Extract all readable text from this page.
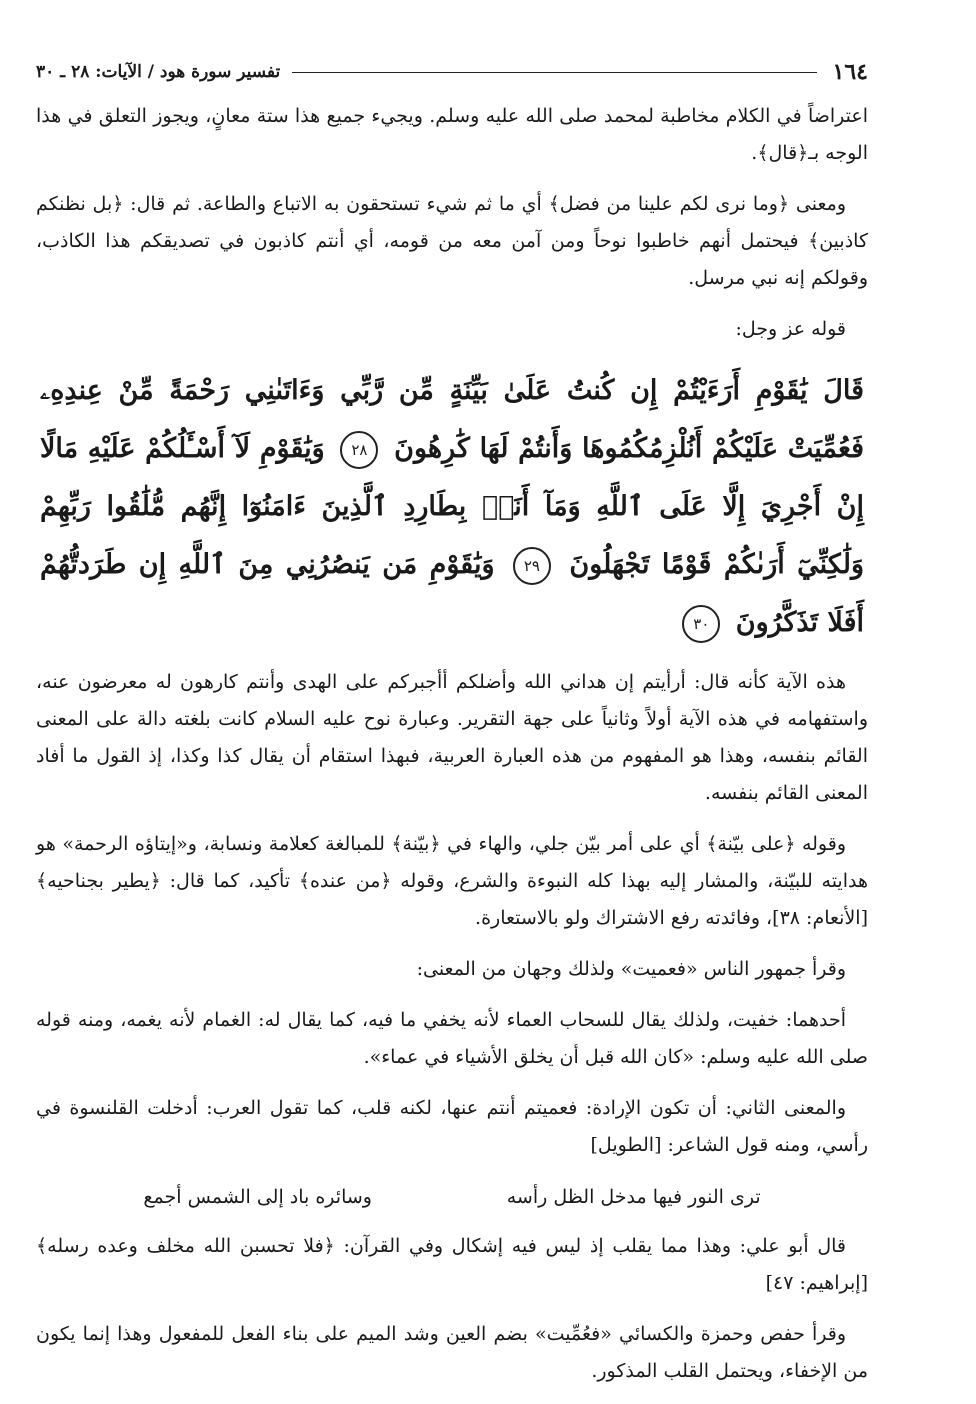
١٦٤
تفسير سورة هود / الآيات: ٢٨ ـ ٣٠

اعتراضاً في الكلام مخاطبة لمحمد صلى الله عليه وسلم. ويجيء جميع هذا ستة معانٍ، ويجوز التعلق في هذا الوجه بـ﴿قال﴾.

ومعنى ﴿وما نرى لكم علينا من فضل﴾ أي ما ثم شيء تستحقون به الاتباع والطاعة. ثم قال: ﴿بل نظنكم كاذبين﴾ فيحتمل أنهم خاطبوا نوحاً ومن آمن معه من قومه، أي أنتم كاذبون في تصديقكم هذا الكاذب، وقولكم إنه نبي مرسل.

قوله عز وجل:

قَالَ يَٰقَوْمِ أَرَءَيْتُمْ إِن كُنتُ عَلَىٰ بَيِّنَةٍ مِّن رَّبِّي وَءَاتَىٰنِي رَحْمَةً مِّنْ عِندِهِۦ فَعُمِّيَتْ عَلَيْكُمْ أَنُلْزِمُكُمُوهَا وَأَنتُمْ لَهَا كَٰرِهُونَ ٢٨ وَيَٰقَوْمِ لَآ أَسْـَٔلُكُمْ عَلَيْهِ مَالًا إِنْ أَجْرِيَ إِلَّا عَلَى ٱللَّهِ وَمَآ أَنَا۠ بِطَارِدِ ٱلَّذِينَ ءَامَنُوٓا إِنَّهُم مُّلَٰقُوا رَبِّهِمْ وَلَٰكِنِّيٓ أَرَىٰكُمْ قَوْمًا تَجْهَلُونَ ٢٩ وَيَٰقَوْمِ مَن يَنصُرُنِي مِنَ ٱللَّهِ إِن طَرَدتُّهُمْ أَفَلَا تَذَكَّرُونَ ٣٠

هذه الآية كأنه قال: أرأيتم إن هداني الله وأضلكم أأجبركم على الهدى وأنتم كارهون له معرضون عنه، واستفهامه في هذه الآية أولاً وثانياً على جهة التقرير. وعبارة نوح عليه السلام كانت بلغته دالة على المعنى القائم بنفسه، وهذا هو المفهوم من هذه العبارة العربية، فبهذا استقام أن يقال كذا وكذا، إذ القول ما أفاد المعنى القائم بنفسه.

وقوله ﴿على بيّنة﴾ أي على أمر بيّن جلي، والهاء في ﴿بيّنة﴾ للمبالغة كعلامة ونسابة، و«إيتاؤه الرحمة» هو هدايته للبيّنة، والمشار إليه بهذا كله النبوءة والشرع، وقوله ﴿من عنده﴾ تأكيد، كما قال: ﴿يطير بجناحيه﴾ [الأنعام: ٣٨]، وفائدته رفع الاشتراك ولو بالاستعارة.

وقرأ جمهور الناس «فعميت» ولذلك وجهان من المعنى:

أحدهما: خفيت، ولذلك يقال للسحاب العماء لأنه يخفي ما فيه، كما يقال له: الغمام لأنه يغمه، ومنه قوله صلى الله عليه وسلم: «كان الله قبل أن يخلق الأشياء في عماء».

والمعنى الثاني: أن تكون الإرادة: فعميتم أنتم عنها، لكنه قلب، كما تقول العرب: أدخلت القلنسوة في رأسي، ومنه قول الشاعر: [الطويل]

ترى النور فيها مدخل الظل رأسه
وسائره باد إلى الشمس أجمع

قال أبو علي: وهذا مما يقلب إذ ليس فيه إشكال وفي القرآن: ﴿فلا تحسبن الله مخلف وعده رسله﴾ [إبراهيم: ٤٧]

وقرأ حفص وحمزة والكسائي «فعُمِّيت» بضم العين وشد الميم على بناء الفعل للمفعول وهذا إنما يكون من الإخفاء، ويحتمل القلب المذكور.
